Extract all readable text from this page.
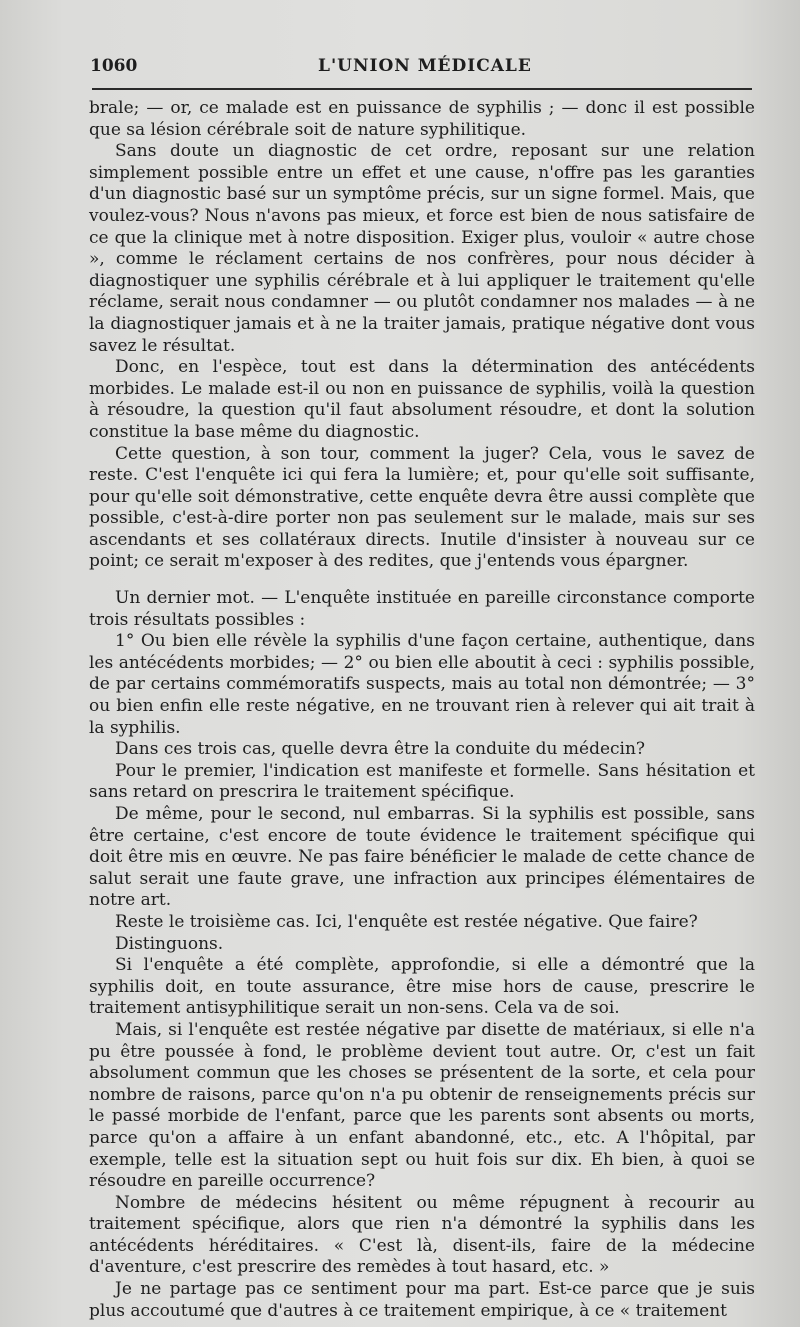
1060	L'UNION MÉDICALE

brale; — or, ce malade est en puissance de syphilis ; — donc il est possible que sa lésion cérébrale soit de nature syphilitique.

Sans doute un diagnostic de cet ordre, reposant sur une relation simplement possible entre un effet et une cause, n'offre pas les garanties d'un diagnostic basé sur un symptôme précis, sur un signe formel. Mais, que voulez-vous? Nous n'avons pas mieux, et force est bien de nous satisfaire de ce que la clinique met à notre disposition. Exiger plus, vouloir « autre chose », comme le réclament certains de nos confrères, pour nous décider à diagnostiquer une syphilis cérébrale et à lui appliquer le traitement qu'elle réclame, serait nous condamner — ou plutôt condamner nos malades — à ne la diagnostiquer jamais et à ne la traiter jamais, pratique négative dont vous savez le résultat.

Donc, en l'espèce, tout est dans la détermination des antécédents morbides. Le malade est-il ou non en puissance de syphilis, voilà la question à résoudre, la question qu'il faut absolument résoudre, et dont la solution constitue la base même du diagnostic.

Cette question, à son tour, comment la juger? Cela, vous le savez de reste. C'est l'enquête ici qui fera la lumière; et, pour qu'elle soit suffisante, pour qu'elle soit démonstrative, cette enquête devra être aussi complète que possible, c'est-à-dire porter non pas seulement sur le malade, mais sur ses ascendants et ses collatéraux directs. Inutile d'insister à nouveau sur ce point; ce serait m'exposer à des redites, que j'entends vous épargner.

Un dernier mot. — L'enquête instituée en pareille circonstance comporte trois résultats possibles :

1° Ou bien elle révèle la syphilis d'une façon certaine, authentique, dans les antécédents morbides; — 2° ou bien elle aboutit à ceci : syphilis possible, de par certains commémoratifs suspects, mais au total non démontrée; — 3° ou bien enfin elle reste négative, en ne trouvant rien à relever qui ait trait à la syphilis.

Dans ces trois cas, quelle devra être la conduite du médecin?

Pour le premier, l'indication est manifeste et formelle. Sans hésitation et sans retard on prescrira le traitement spécifique.

De même, pour le second, nul embarras. Si la syphilis est possible, sans être certaine, c'est encore de toute évidence le traitement spécifique qui doit être mis en œuvre. Ne pas faire bénéficier le malade de cette chance de salut serait une faute grave, une infraction aux principes élémentaires de notre art.

Reste le troisième cas. Ici, l'enquête est restée négative. Que faire?

Distinguons.

Si l'enquête a été complète, approfondie, si elle a démontré que la syphilis doit, en toute assurance, être mise hors de cause, prescrire le traitement antisyphilitique serait un non-sens. Cela va de soi.

Mais, si l'enquête est restée négative par disette de matériaux, si elle n'a pu être poussée à fond, le problème devient tout autre. Or, c'est un fait absolument commun que les choses se présentent de la sorte, et cela pour nombre de raisons, parce qu'on n'a pu obtenir de renseignements précis sur le passé morbide de l'enfant, parce que les parents sont absents ou morts, parce qu'on a affaire à un enfant abandonné, etc., etc. A l'hôpital, par exemple, telle est la situation sept ou huit fois sur dix. Eh bien, à quoi se résoudre en pareille occurrence?

Nombre de médecins hésitent ou même répugnent à recourir au traitement spécifique, alors que rien n'a démontré la syphilis dans les antécédents héréditaires. « C'est là, disent-ils, faire de la médecine d'aventure, c'est prescrire des remèdes à tout hasard, etc. »

Je ne partage pas ce sentiment pour ma part. Est-ce parce que je suis plus accoutumé que d'autres à ce traitement empirique, à ce « traitement
